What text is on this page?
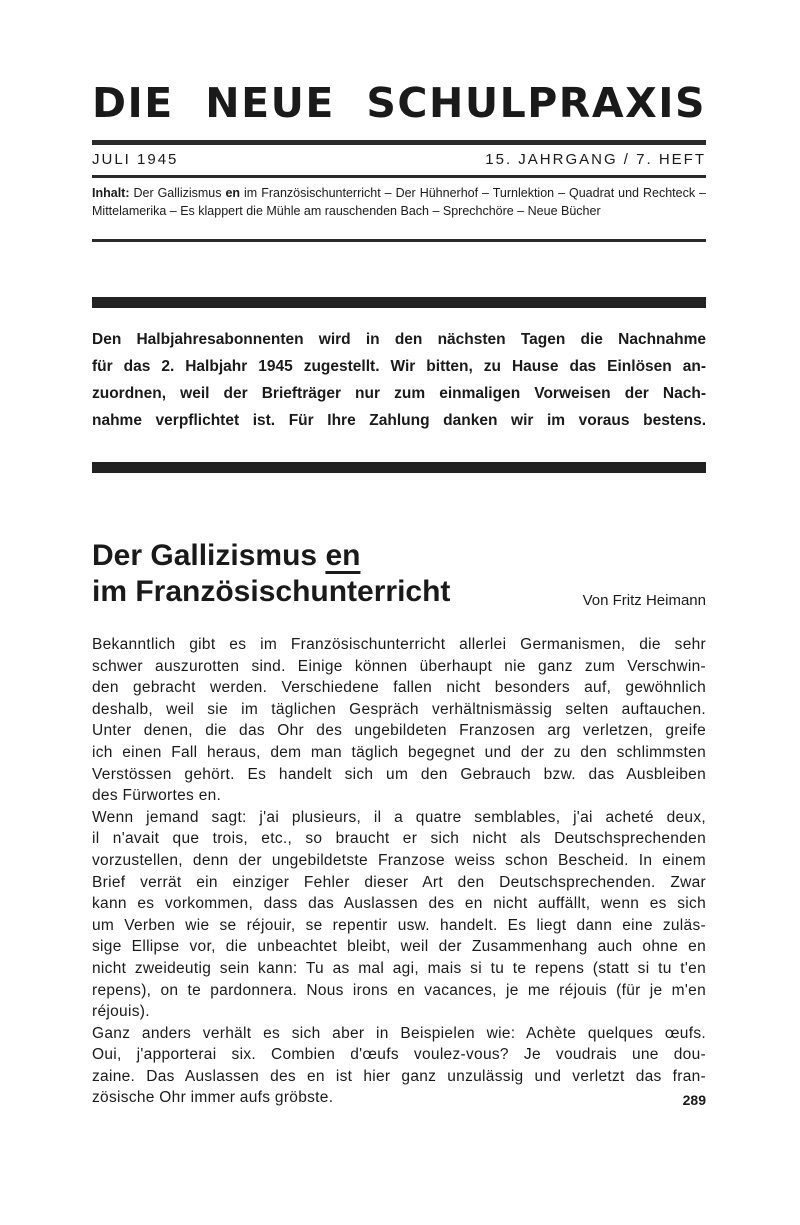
DIE NEUE SCHULPRAXIS
JULI 1945	15. JAHRGANG / 7. HEFT
Inhalt: Der Gallizismus en im Französischunterricht – Der Hühnerhof – Turnlektion – Quadrat und Rechteck – Mittelamerika – Es klappert die Mühle am rauschenden Bach – Sprechchöre – Neue Bücher
Den Halbjahresabonnenten wird in den nächsten Tagen die Nachnahme
für das 2. Halbjahr 1945 zugestellt. Wir bitten, zu Hause das Einlösen an-
zuordnen, weil der Briefträger nur zum einmaligen Vorweisen der Nach-
nahme verpflichtet ist. Für Ihre Zahlung danken wir im voraus bestens.
Der Gallizismus en
im Französischunterricht	Von Fritz Heimann
Bekanntlich gibt es im Französischunterricht allerlei Germanismen, die sehr
schwer auszurotten sind. Einige können überhaupt nie ganz zum Verschwin-
den gebracht werden. Verschiedene fallen nicht besonders auf, gewöhnlich
deshalb, weil sie im täglichen Gespräch verhältnismässig selten auftauchen.
Unter denen, die das Ohr des ungebildeten Franzosen arg verletzen, greife
ich einen Fall heraus, dem man täglich begegnet und der zu den schlimmsten
Verstössen gehört. Es handelt sich um den Gebrauch bzw. das Ausbleiben
des Fürwortes en.
Wenn jemand sagt: j'ai plusieurs, il a quatre semblables, j'ai acheté deux,
il n'avait que trois, etc., so braucht er sich nicht als Deutschsprechenden
vorzustellen, denn der ungebildetste Franzose weiss schon Bescheid. In einem
Brief verrät ein einziger Fehler dieser Art den Deutschsprechenden. Zwar
kann es vorkommen, dass das Auslassen des en nicht auffällt, wenn es sich
um Verben wie se réjouir, se repentir usw. handelt. Es liegt dann eine zuläs-
sige Ellipse vor, die unbeachtet bleibt, weil der Zusammenhang auch ohne en
nicht zweideutig sein kann: Tu as mal agi, mais si tu te repens (statt si tu t'en
repens), on te pardonnera. Nous irons en vacances, je me réjouis (für je m'en
réjouis).
Ganz anders verhält es sich aber in Beispielen wie: Achète quelques œufs.
Oui, j'apporterai six. Combien d'œufs voulez-vous? Je voudrais une dou-
zaine. Das Auslassen des en ist hier ganz unzulässig und verletzt das fran-
zösische Ohr immer aufs gröbste.	289
